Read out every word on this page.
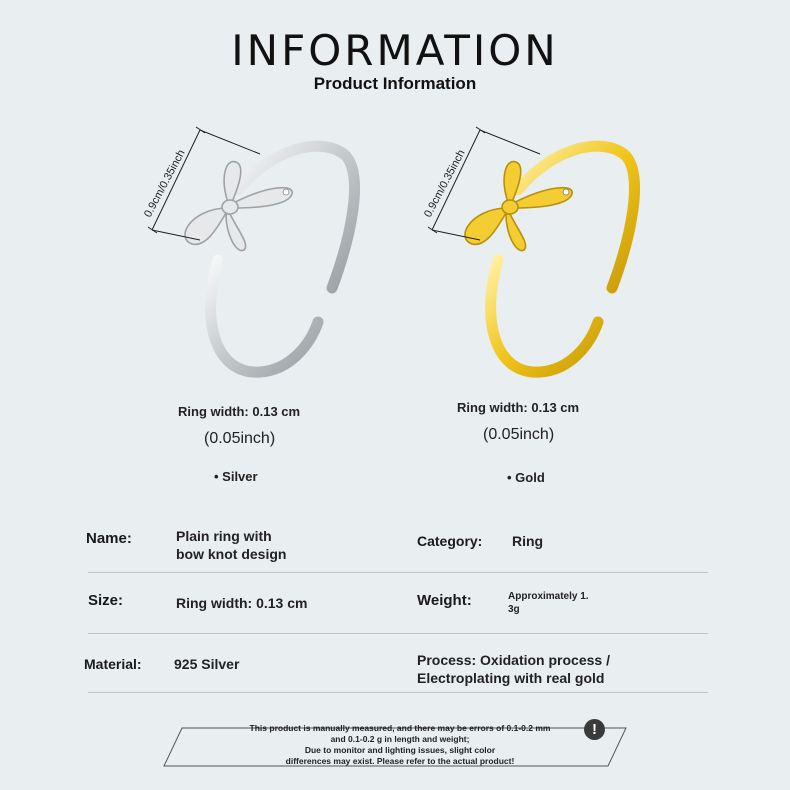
INFORMATION
Product Information
0.9cm/0.35inch	0.9cm/0.35inch
Ring width: 0.13 cm
(0.05inch)
• Silver
Ring width: 0.13 cm
(0.05inch)
• Gold
Name:	Plain ring with
bow knot design
Category: Ring
Size:	Ring width: 0.13 cm	Weight:	Approximately 1.
3g
Material: 925 Silver	Process: Oxidation process /
Electroplating with real gold
!
This product is manually measured, and there may be errors of 0.1-0.2 mm
and 0.1-0.2 g in length and weight;
Due to monitor and lighting issues, slight color
differences may exist. Please refer to the actual product!
